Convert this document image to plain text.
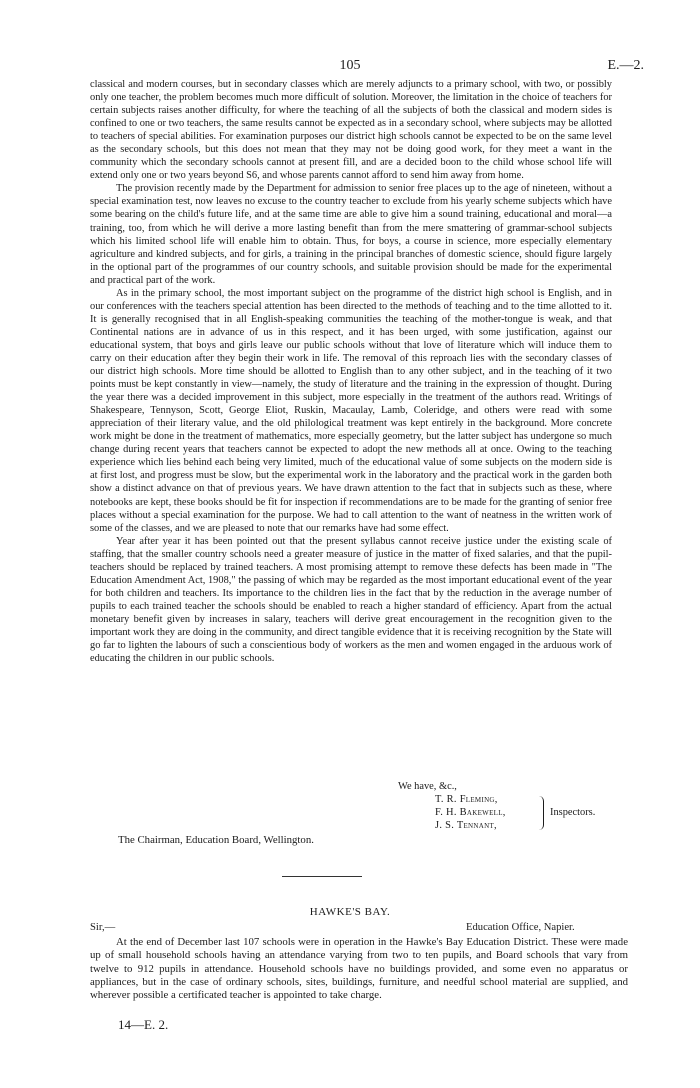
105	E.—2.

classical and modern courses, but in secondary classes which are merely adjuncts to a primary school, with two, or possibly only one teacher, the problem becomes much more difficult of solution. Moreover, the limitation in the choice of teachers for certain subjects raises another difficulty, for where the teaching of all the subjects of both the classical and modern sides is confined to one or two teachers, the same results cannot be expected as in a secondary school, where subjects may be allotted to teachers of special abilities. For examination purposes our district high schools cannot be expected to be on the same level as the secondary schools, but this does not mean that they may not be doing good work, for they meet a want in the community which the secondary schools cannot at present fill, and are a decided boon to the child whose school life will extend only one or two years beyond S6, and whose parents cannot afford to send him away from home.

The provision recently made by the Department for admission to senior free places up to the age of nineteen, without a special examination test, now leaves no excuse to the country teacher to exclude from his yearly scheme subjects which have some bearing on the child's future life, and at the same time are able to give him a sound training, educational and moral—a training, too, from which he will derive a more lasting benefit than from the mere smattering of grammar-school subjects which his limited school life will enable him to obtain. Thus, for boys, a course in science, more especially elementary agriculture and kindred subjects, and for girls, a training in the principal branches of domestic science, should figure largely in the optional part of the programmes of our country schools, and suitable provision should be made for the experimental and practical part of the work.

As in the primary school, the most important subject on the programme of the district high school is English, and in our conferences with the teachers special attention has been directed to the methods of teaching and to the time allotted to it. It is generally recognised that in all English-speaking communities the teaching of the mother-tongue is weak, and that Continental nations are in advance of us in this respect, and it has been urged, with some justification, against our educational system, that boys and girls leave our public schools without that love of literature which will induce them to carry on their education after they begin their work in life. The removal of this reproach lies with the secondary classes of our district high schools. More time should be allotted to English than to any other subject, and in the teaching of it two points must be kept constantly in view—namely, the study of literature and the training in the expression of thought. During the year there was a decided improvement in this subject, more especially in the treatment of the authors read. Writings of Shakespeare, Tennyson, Scott, George Eliot, Ruskin, Macaulay, Lamb, Coleridge, and others were read with some appreciation of their literary value, and the old philological treatment was kept entirely in the background. More concrete work might be done in the treatment of mathematics, more especially geometry, but the latter subject has undergone so much change during recent years that teachers cannot be expected to adopt the new methods all at once. Owing to the teaching experience which lies behind each being very limited, much of the educational value of some subjects on the modern side is at first lost, and progress must be slow, but the experimental work in the laboratory and the practical work in the garden both show a distinct advance on that of previous years. We have drawn attention to the fact that in subjects such as these, where notebooks are kept, these books should be fit for inspection if recommendations are to be made for the granting of senior free places without a special examination for the purpose. We had to call attention to the want of neatness in the written work of some of the classes, and we are pleased to note that our remarks have had some effect.

Year after year it has been pointed out that the present syllabus cannot receive justice under the existing scale of staffing, that the smaller country schools need a greater measure of justice in the matter of fixed salaries, and that the pupil-teachers should be replaced by trained teachers. A most promising attempt to remove these defects has been made in "The Education Amendment Act, 1908," the passing of which may be regarded as the most important educational event of the year for both children and teachers. Its importance to the children lies in the fact that by the reduction in the average number of pupils to each trained teacher the schools should be enabled to reach a higher standard of efficiency. Apart from the actual monetary benefit given by increases in salary, teachers will derive great encouragement in the recognition given to the important work they are doing in the community, and direct tangible evidence that it is receiving recognition by the State will go far to lighten the labours of such a conscientious body of workers as the men and women engaged in the arduous work of educating the children in our public schools.

We have, &c.,
T. R. Fleming,
F. H. Bakewell,
J. S. Tennant,
Inspectors.
The Chairman, Education Board, Wellington.
HAWKE'S BAY.
Sir,—	Education Office, Napier.

At the end of December last 107 schools were in operation in the Hawke's Bay Education District. These were made up of small household schools having an attendance varying from two to ten pupils, and Board schools that vary from twelve to 912 pupils in attendance. Household schools have no buildings provided, and some even no apparatus or appliances, but in the case of ordinary schools, sites, buildings, furniture, and needful school material are supplied, and wherever possible a certificated teacher is appointed to take charge.

14—E. 2.
